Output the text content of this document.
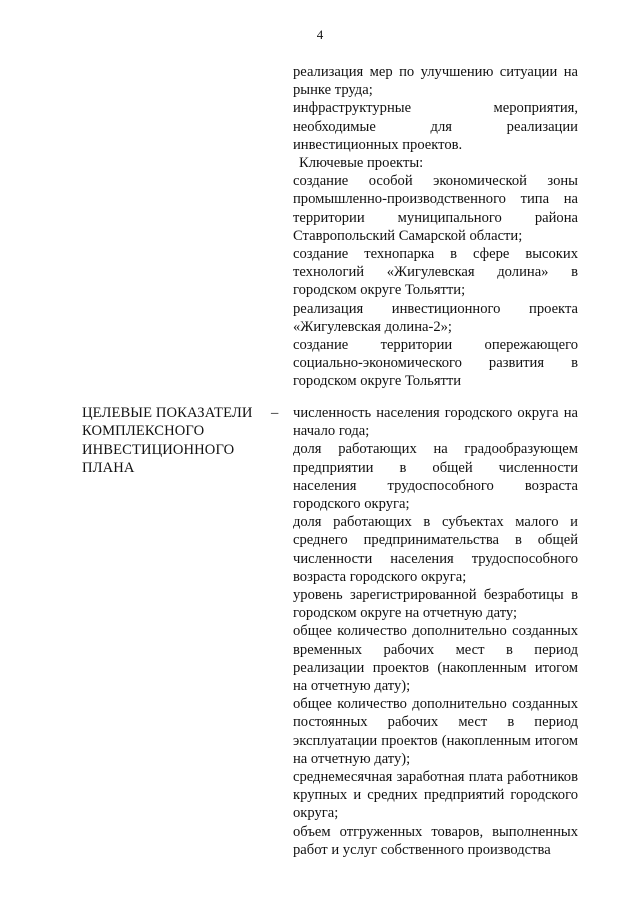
4

реализация мер по улучшению ситуации на рынке труда;

инфраструктурные мероприятия, необходимые для реализации инвестиционных проектов.

Ключевые проекты:

создание особой экономической зоны промышленно-производственного типа на территории муниципального района Ставропольский Самарской области;

создание технопарка в сфере высоких технологий «Жигулевская долина» в городском округе Тольятти;

реализация инвестиционного проекта «Жигулевская долина-2»;

создание территории опережающего социально-экономического развития в городском округе Тольятти

ЦЕЛЕВЫЕ ПОКАЗАТЕЛИ КОМПЛЕКСНОГО ИНВЕСТИЦИОННОГО ПЛАНА
– численность населения городского округа на начало года;

доля работающих на градообразующем предприятии в общей численности населения трудоспособного возраста городского округа;

доля работающих в субъектах малого и среднего предпринимательства в общей численности населения трудоспособного возраста городского округа;

уровень зарегистрированной безработицы в городском округе на отчетную дату;

общее количество дополнительно созданных временных рабочих мест в период реализации проектов (накопленным итогом на отчетную дату);

общее количество дополнительно созданных постоянных рабочих мест в период эксплуатации проектов (накопленным итогом на отчетную дату);

среднемесячная заработная плата работников крупных и средних предприятий городского округа;

объем отгруженных товаров, выполненных работ и услуг собственного производства
